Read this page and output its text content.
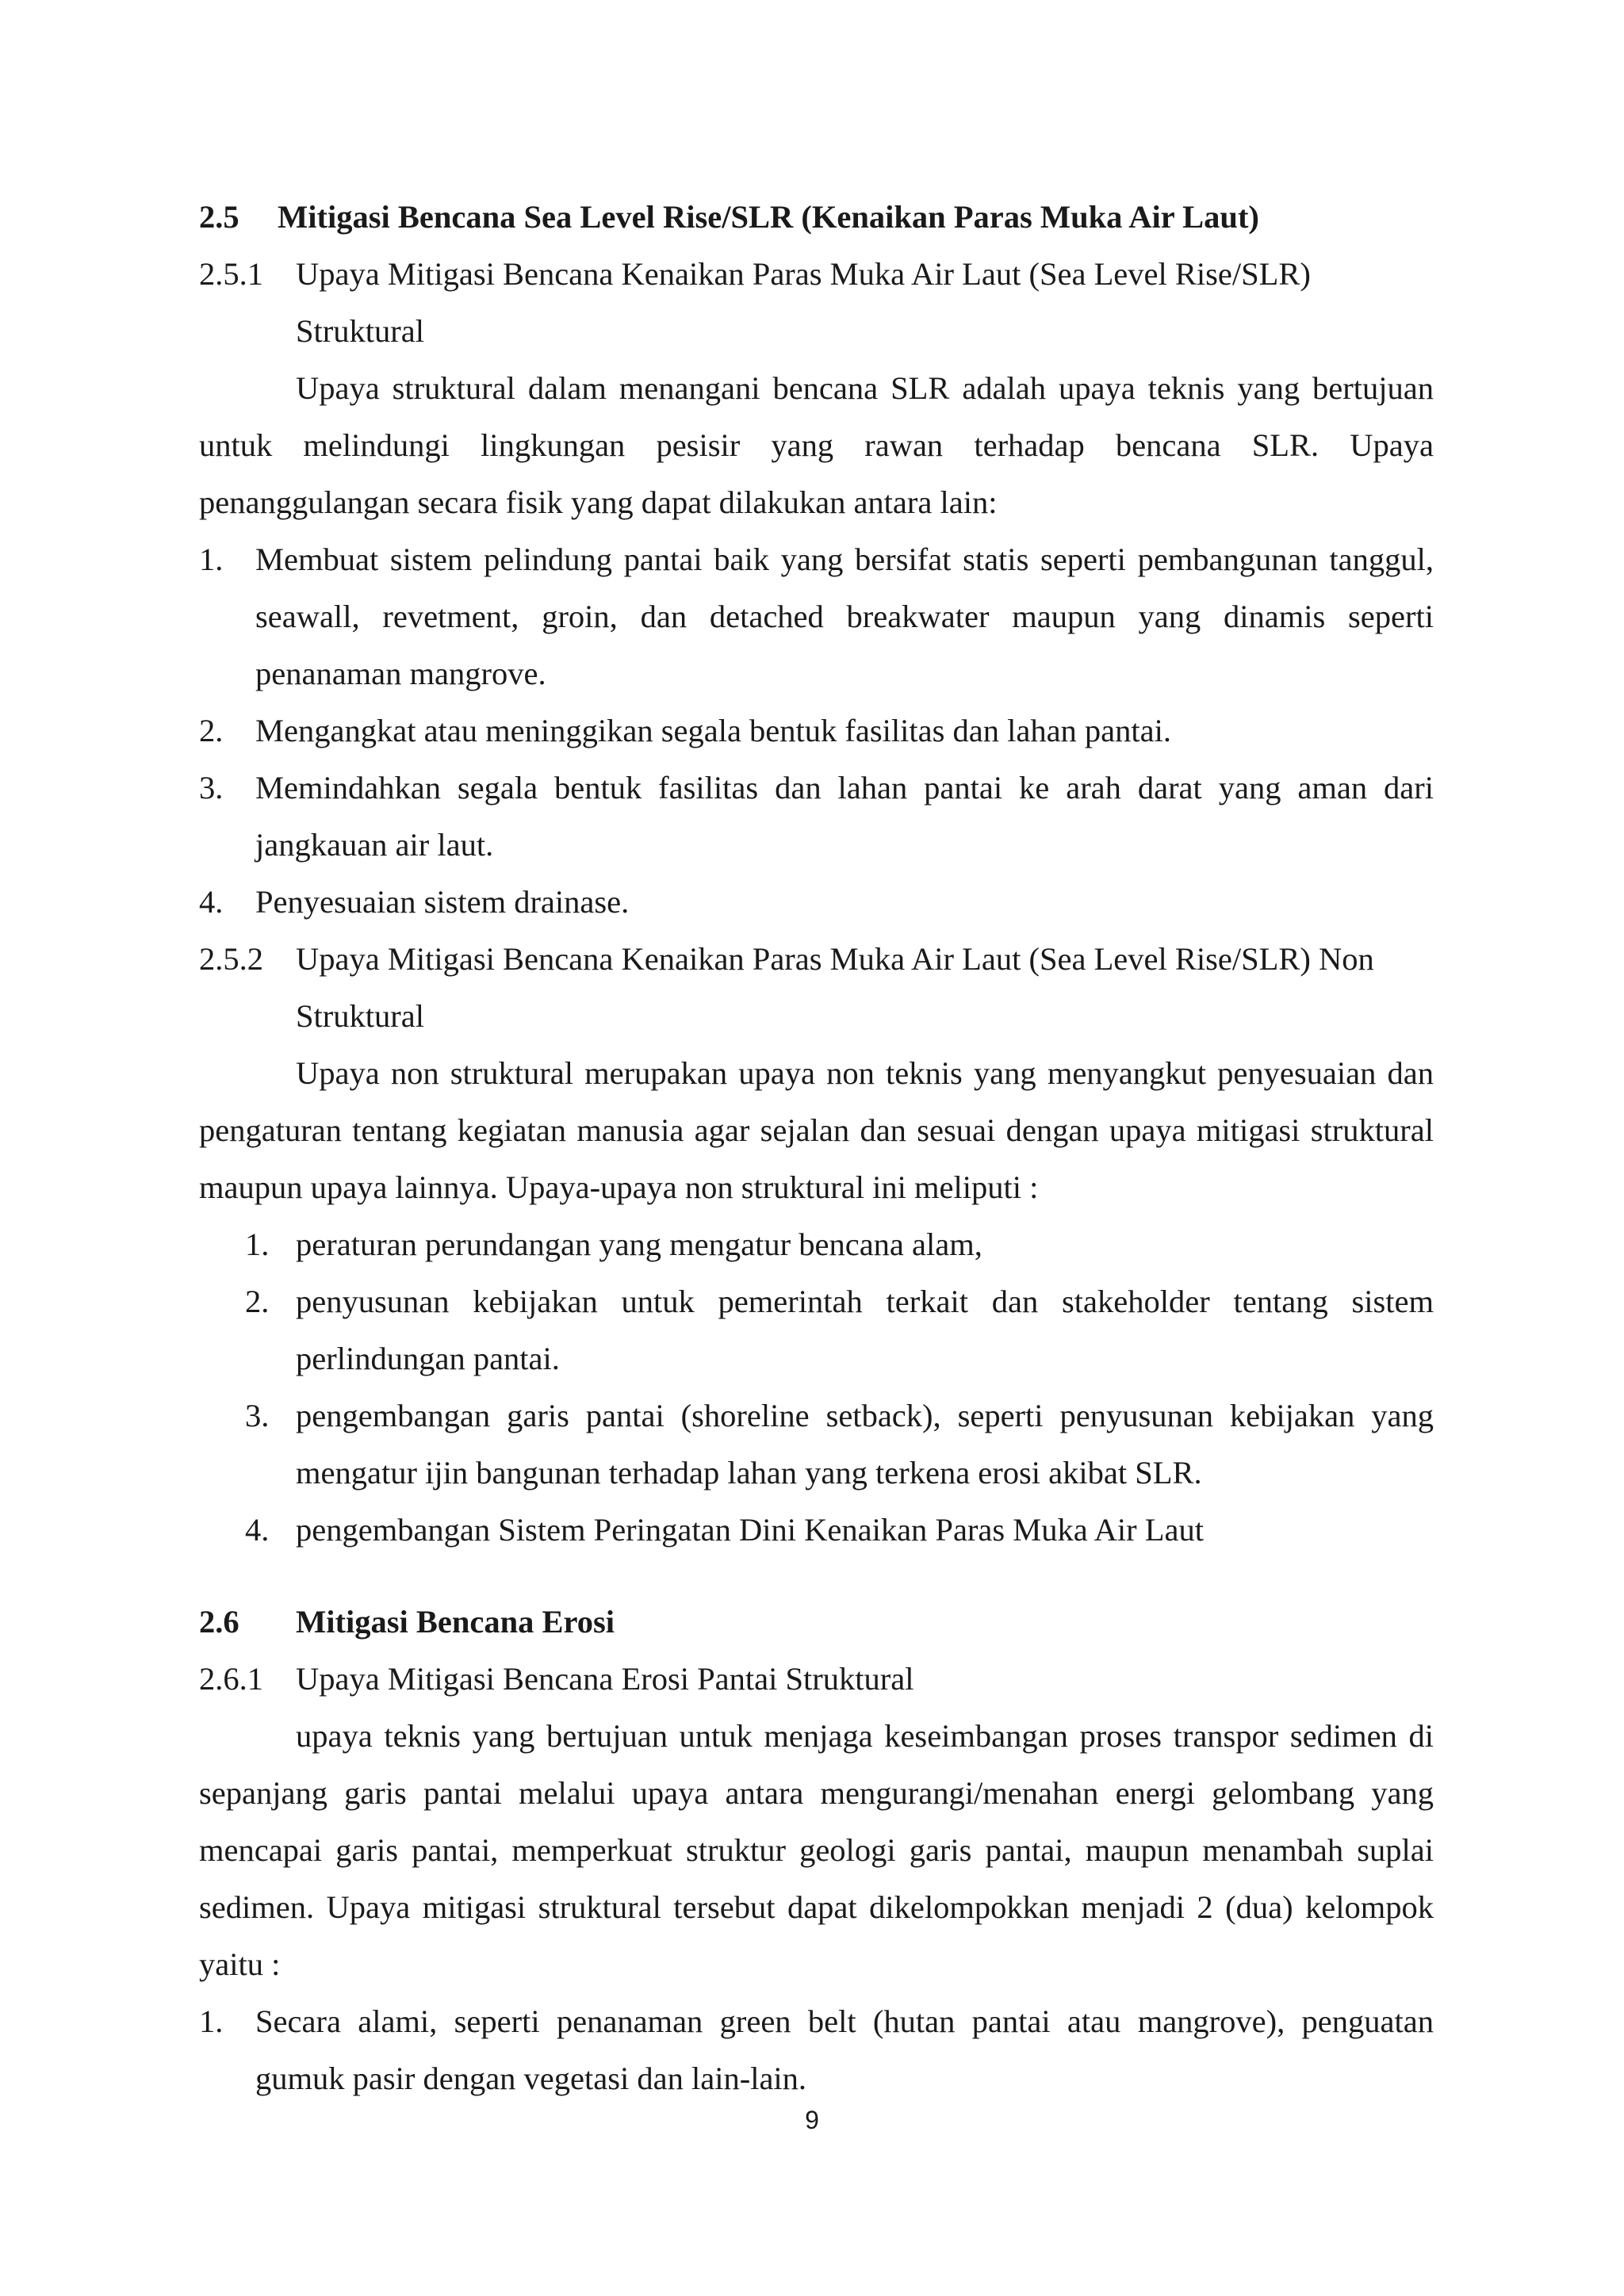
2.5 Mitigasi Bencana Sea Level Rise/SLR (Kenaikan Paras Muka Air Laut)
2.5.1 Upaya Mitigasi Bencana Kenaikan Paras Muka Air Laut (Sea Level Rise/SLR)
Struktural
Upaya struktural dalam menangani bencana SLR adalah upaya teknis yang bertujuan
untuk melindungi lingkungan pesisir yang rawan terhadap bencana SLR. Upaya
penanggulangan secara fisik yang dapat dilakukan antara lain:
1. Membuat sistem pelindung pantai baik yang bersifat statis seperti pembangunan tanggul,
seawall, revetment, groin, dan detached breakwater maupun yang dinamis seperti
penanaman mangrove.
2. Mengangkat atau meninggikan segala bentuk fasilitas dan lahan pantai.
3. Memindahkan segala bentuk fasilitas dan lahan pantai ke arah darat yang aman dari
jangkauan air laut.
4. Penyesuaian sistem drainase.
2.5.2 Upaya Mitigasi Bencana Kenaikan Paras Muka Air Laut (Sea Level Rise/SLR) Non
Struktural
Upaya non struktural merupakan upaya non teknis yang menyangkut penyesuaian dan
pengaturan tentang kegiatan manusia agar sejalan dan sesuai dengan upaya mitigasi struktural
maupun upaya lainnya. Upaya-upaya non struktural ini meliputi :
1. peraturan perundangan yang mengatur bencana alam,
2. penyusunan kebijakan untuk pemerintah terkait dan stakeholder tentang sistem
perlindungan pantai.
3. pengembangan garis pantai (shoreline setback), seperti penyusunan kebijakan yang
mengatur ijin bangunan terhadap lahan yang terkena erosi akibat SLR.
4. pengembangan Sistem Peringatan Dini Kenaikan Paras Muka Air Laut
2.6 Mitigasi Bencana Erosi
2.6.1 Upaya Mitigasi Bencana Erosi Pantai Struktural
upaya teknis yang bertujuan untuk menjaga keseimbangan proses transpor sedimen di
sepanjang garis pantai melalui upaya antara mengurangi/menahan energi gelombang yang
mencapai garis pantai, memperkuat struktur geologi garis pantai, maupun menambah suplai
sedimen. Upaya mitigasi struktural tersebut dapat dikelompokkan menjadi 2 (dua) kelompok
yaitu :
1. Secara alami, seperti penanaman green belt (hutan pantai atau mangrove), penguatan
gumuk pasir dengan vegetasi dan lain-lain.
9
